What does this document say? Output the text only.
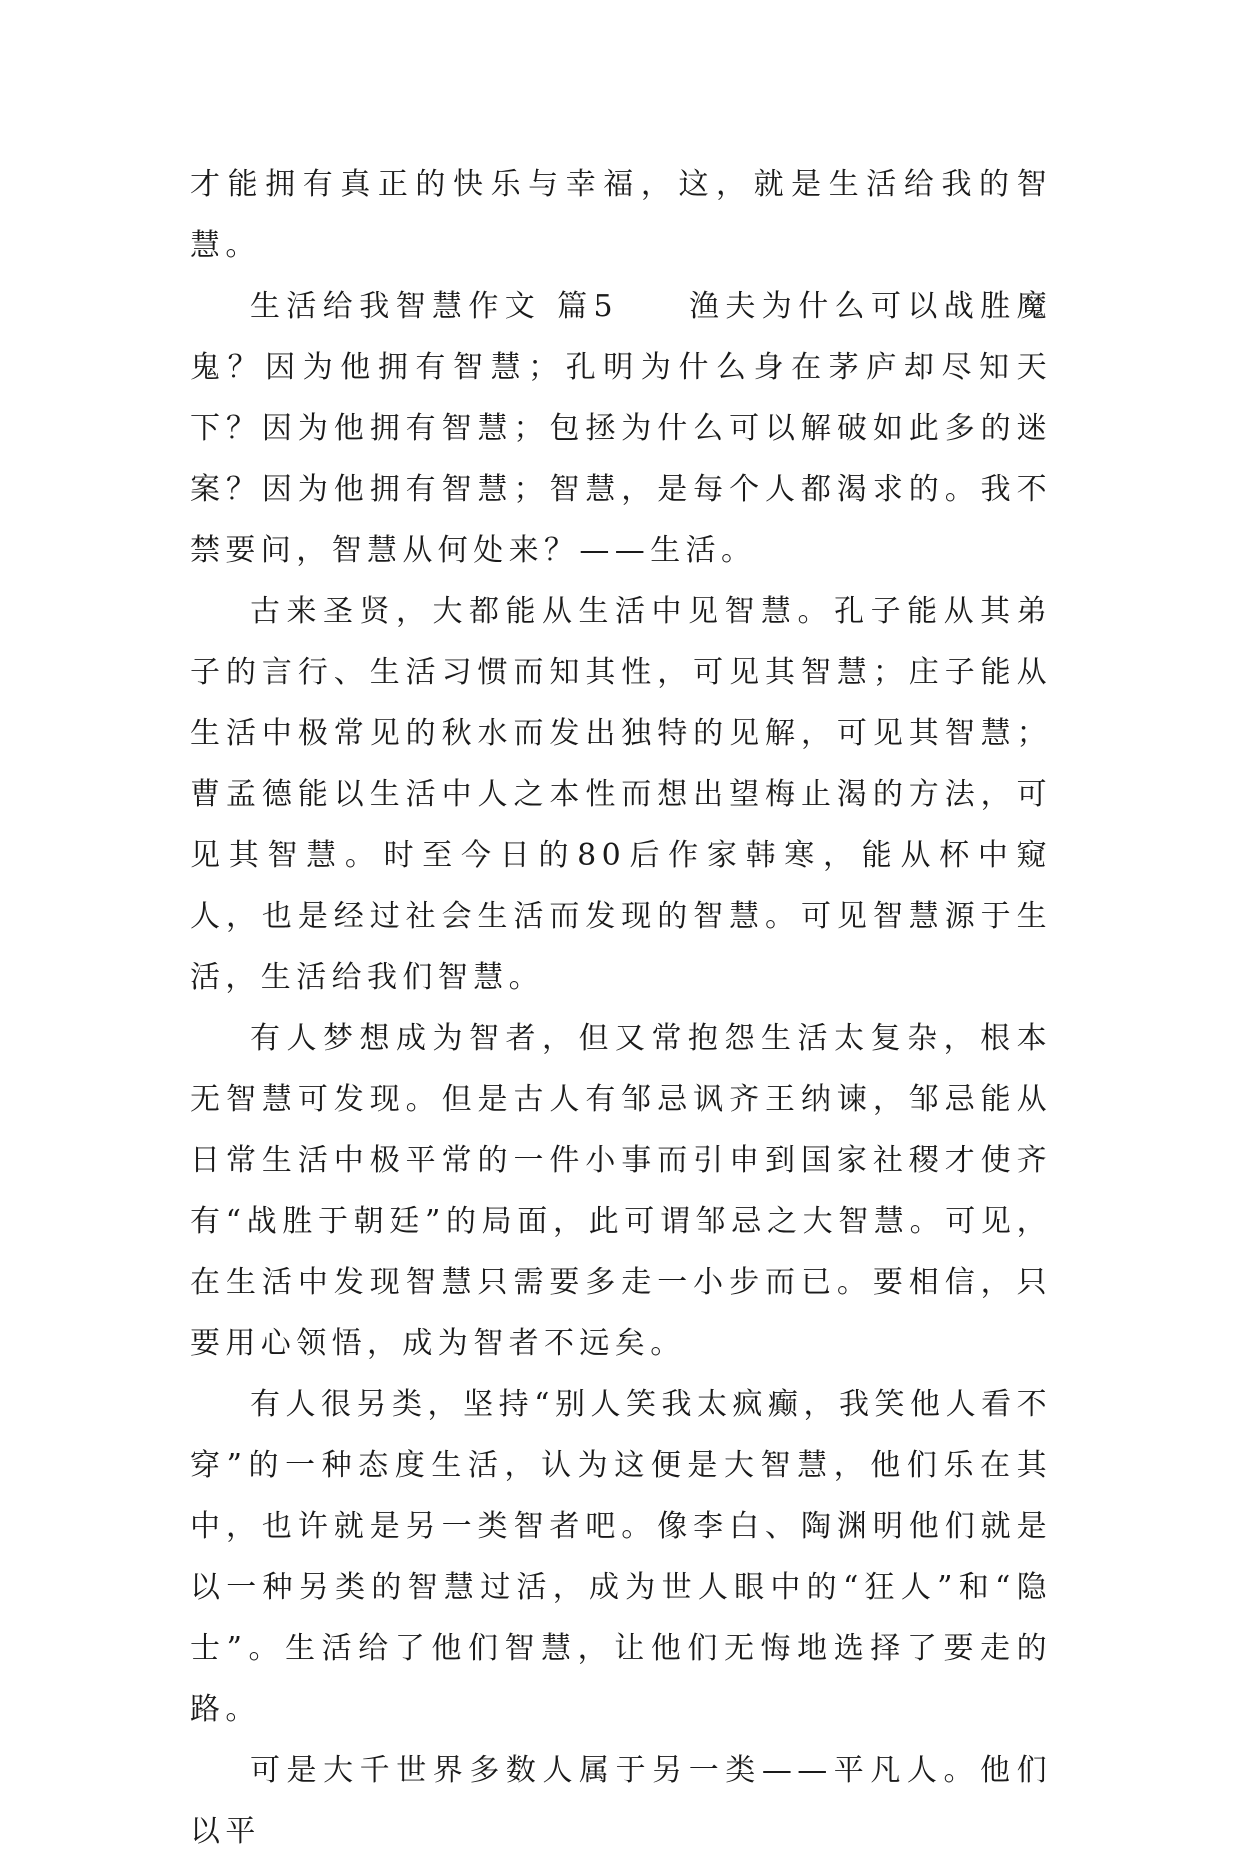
才能拥有真正的快乐与幸福，这，就是生活给我的智慧。

生活给我智慧作文 篇5 渔夫为什么可以战胜魔鬼？因为他拥有智慧；孔明为什么身在茅庐却尽知天下？因为他拥有智慧；包拯为什么可以解破如此多的迷案？因为他拥有智慧；智慧，是每个人都渴求的。我不禁要问，智慧从何处来？——生活。

古来圣贤，大都能从生活中见智慧。孔子能从其弟子的言行、生活习惯而知其性，可见其智慧；庄子能从生活中极常见的秋水而发出独特的见解，可见其智慧；曹孟德能以生活中人之本性而想出望梅止渴的方法，可见其智慧。时至今日的80后作家韩寒，能从杯中窥人，也是经过社会生活而发现的智慧。可见智慧源于生活，生活给我们智慧。

有人梦想成为智者，但又常抱怨生活太复杂，根本无智慧可发现。但是古人有邹忌讽齐王纳谏，邹忌能从日常生活中极平常的一件小事而引申到国家社稷才使齐有“战胜于朝廷”的局面，此可谓邹忌之大智慧。可见，在生活中发现智慧只需要多走一小步而已。要相信，只要用心领悟，成为智者不远矣。

有人很另类，坚持“别人笑我太疯癫，我笑他人看不穿”的一种态度生活，认为这便是大智慧，他们乐在其中，也许就是另一类智者吧。像李白、陶渊明他们就是以一种另类的智慧过活，成为世人眼中的“狂人”和“隐士”。生活给了他们智慧，让他们无悔地选择了要走的路。

可是大千世界多数人属于另一类——平凡人。他们以平
